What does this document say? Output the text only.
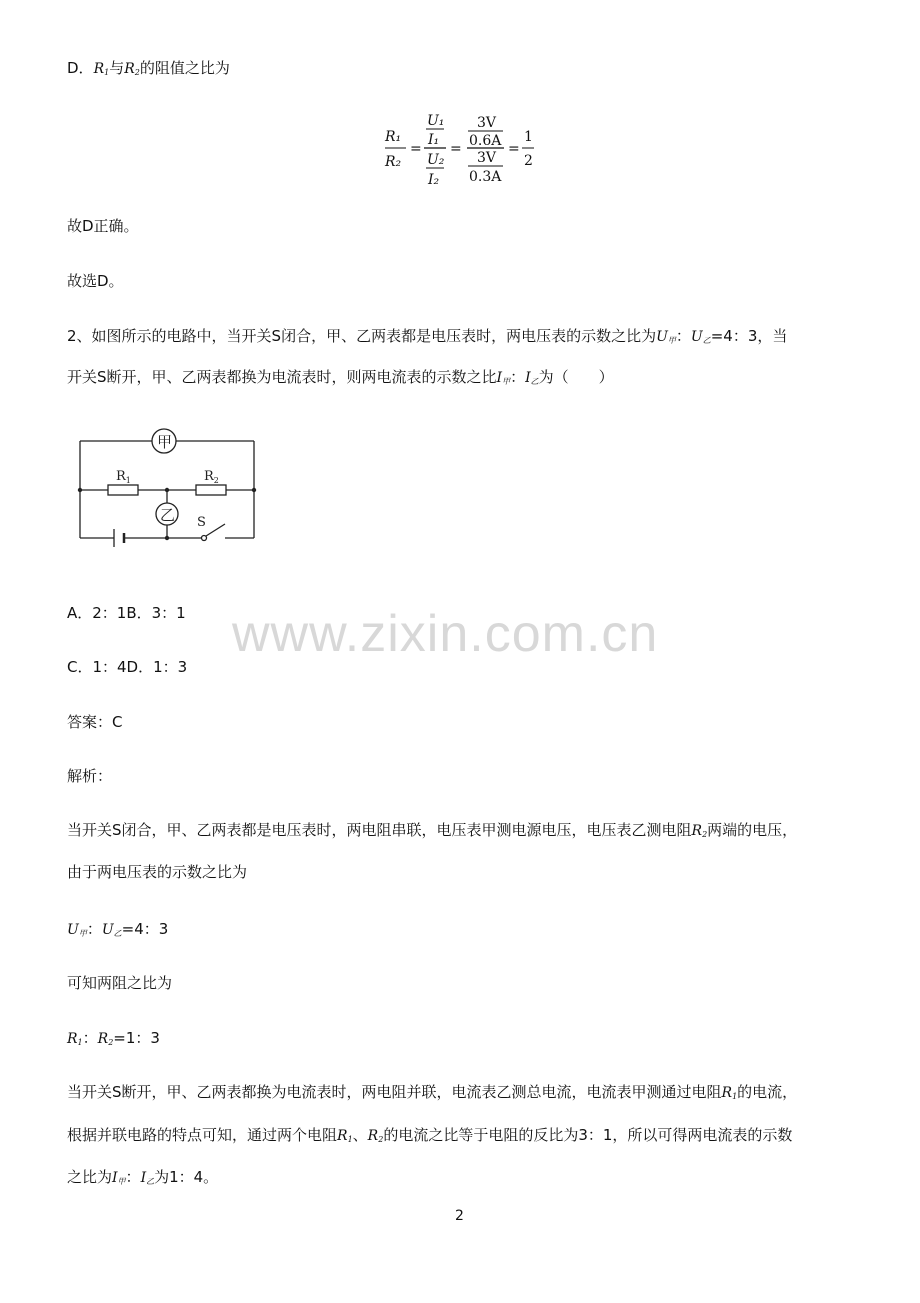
D．$R_1$与$R_2$的阻值之比为
R₁
R₂
=
U₁
I₁
U₂
I₂
=
3V
0.6A
3V
0.3A
=
1
2
故D正确。
故选D。
2、如图所示的电路中，当开关S闭合，甲、乙两表都是电压表时，两电压表的示数之比为$U_甲$：$U_乙=4$：3，当
开关S断开，甲、乙两表都换为电流表时，则两电流表的示数之比$I_甲$：$I_乙$为（　　）
甲
乙
$R_1$	$R_2$
S
A．2：1B．3：1
C．1：4D．1：3
答案：C
解析：
当开关S闭合，甲、乙两表都是电压表时，两电阻串联，电压表甲测电源电压，电压表乙测电阻$R_2$两端的电压，
由于两电压表的示数之比为
$U_甲$：$U_乙=4$：3
可知两阻之比为
$R_1$：$R_2=1$：3
当开关S断开，甲、乙两表都换为电流表时，两电阻并联，电流表乙测总电流，电流表甲测通过电阻$R_1$的电流，
根据并联电路的特点可知，通过两个电阻$R_1$、$R_2$的电流之比等于电阻的反比为3：1，所以可得两电流表的示数
之比为$I_甲$：$I_乙$为1：4。
www.zixin.com.cn
2
